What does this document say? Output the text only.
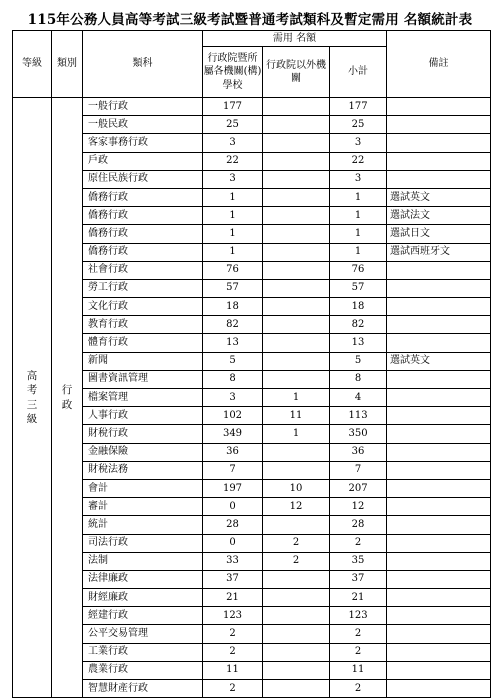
115年公務人員高等考試三級考試暨普通考試類科及暫定需用 名額統計表
等級	類別	類科	需用 名額			備註
			行政院暨所屬各機關(構)學校	行政院以外機關	小計	
高考三級	行政	一般行政	177		177	
		一般民政	25		25	
		客家事務行政	3		3	
		戶政	22		22	
		原住民族行政	3		3	
		僑務行政	1		1	選試英文
		僑務行政	1		1	選試法文
		僑務行政	1		1	選試日文
		僑務行政	1		1	選試西班牙文
		社會行政	76		76	
		勞工行政	57		57	
		文化行政	18		18	
		教育行政	82		82	
		體育行政	13		13	
		新聞	5		5	選試英文
		圖書資訊管理	8		8	
		檔案管理	3	1	4	
		人事行政	102	11	113	
		財稅行政	349	1	350	
		金融保險	36		36	
		財稅法務	7		7	
		會計	197	10	207	
		審計	0	12	12	
		統計	28		28	
		司法行政	0	2	2	
		法制	33	2	35	
		法律廉政	37		37	
		財經廉政	21		21	
		經建行政	123		123	
		公平交易管理	2		2	
		工業行政	2		2	
		農業行政	11		11	
		智慧財產行政	2		2	
